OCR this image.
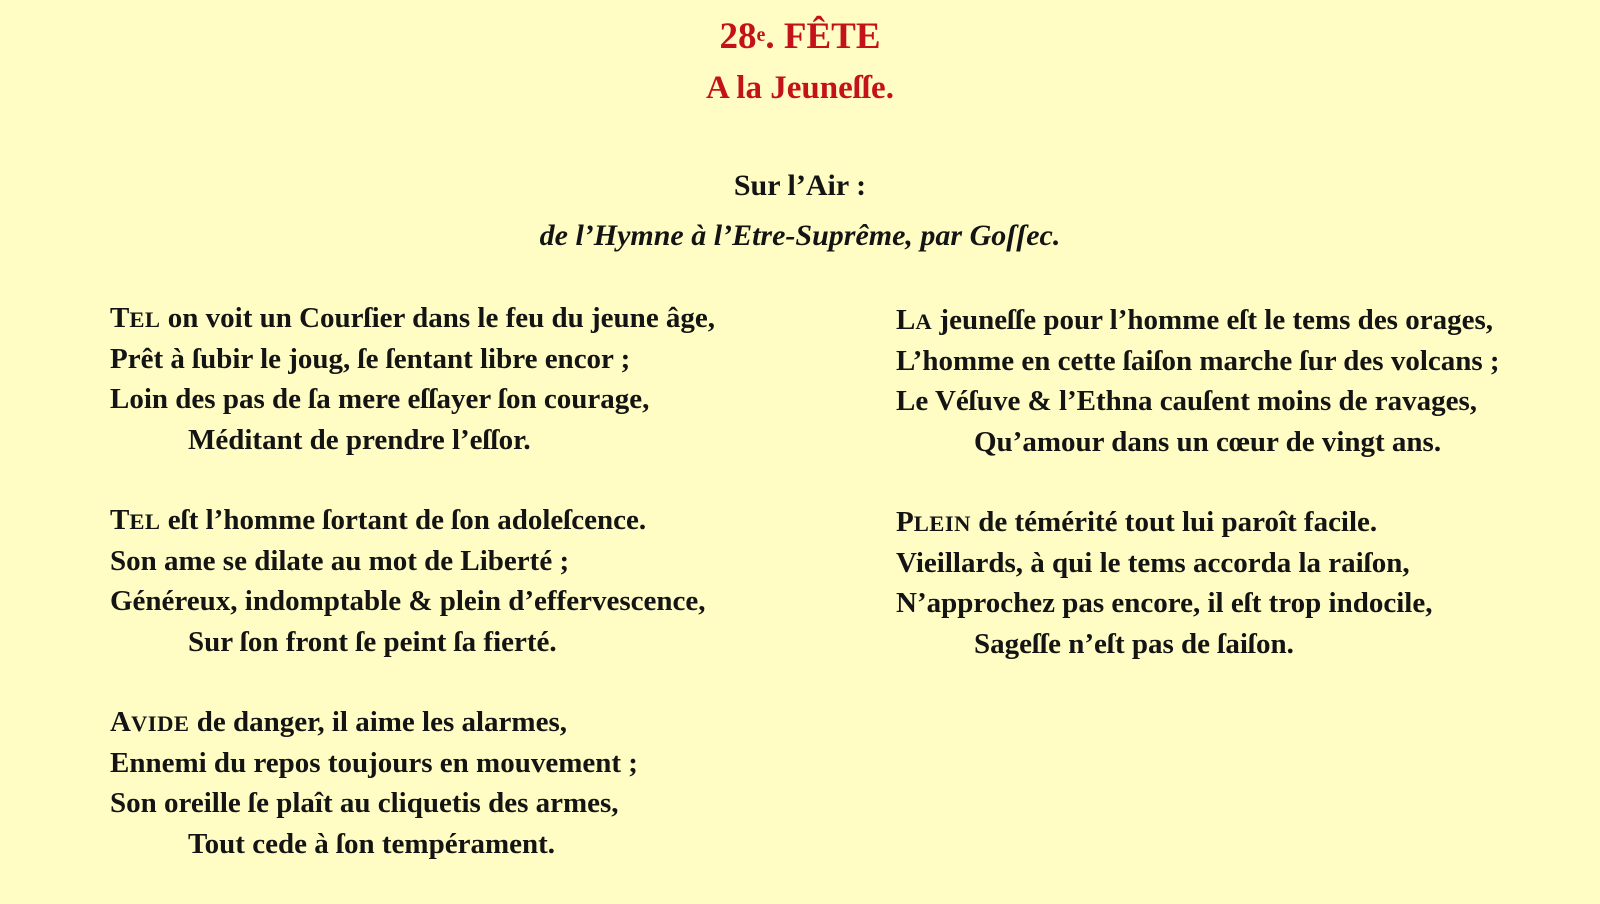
28e. FÊTE
A la Jeuneſſe.
Sur l’Air :
de l’Hymne à l’Etre-Suprême, par Goſſec.
TEL on voit un Courſier dans le feu du jeune âge,
Prêt à ſubir le joug, ſe ſentant libre encor ;
Loin des pas de ſa mere eſſayer ſon courage,
Méditant de prendre l’eſſor.
TEL eſt l’homme ſortant de ſon adoleſcence.
Son ame se dilate au mot de Liberté ;
Généreux, indomptable & plein d’effervescence,
Sur ſon front ſe peint ſa fierté.
AVIDE de danger, il aime les alarmes,
Ennemi du repos toujours en mouvement ;
Son oreille ſe plaît au cliquetis des armes,
Tout cede à ſon tempérament.
LA jeuneſſe pour l’homme eſt le tems des orages,
L’homme en cette ſaiſon marche ſur des volcans ;
Le Véſuve & l’Ethna cauſent moins de ravages,
Qu’amour dans un cœur de vingt ans.
PLEIN de témérité tout lui paroît facile.
Vieillards, à qui le tems accorda la raiſon,
N’approchez pas encore, il eſt trop indocile,
Sageſſe n’eſt pas de ſaiſon.
